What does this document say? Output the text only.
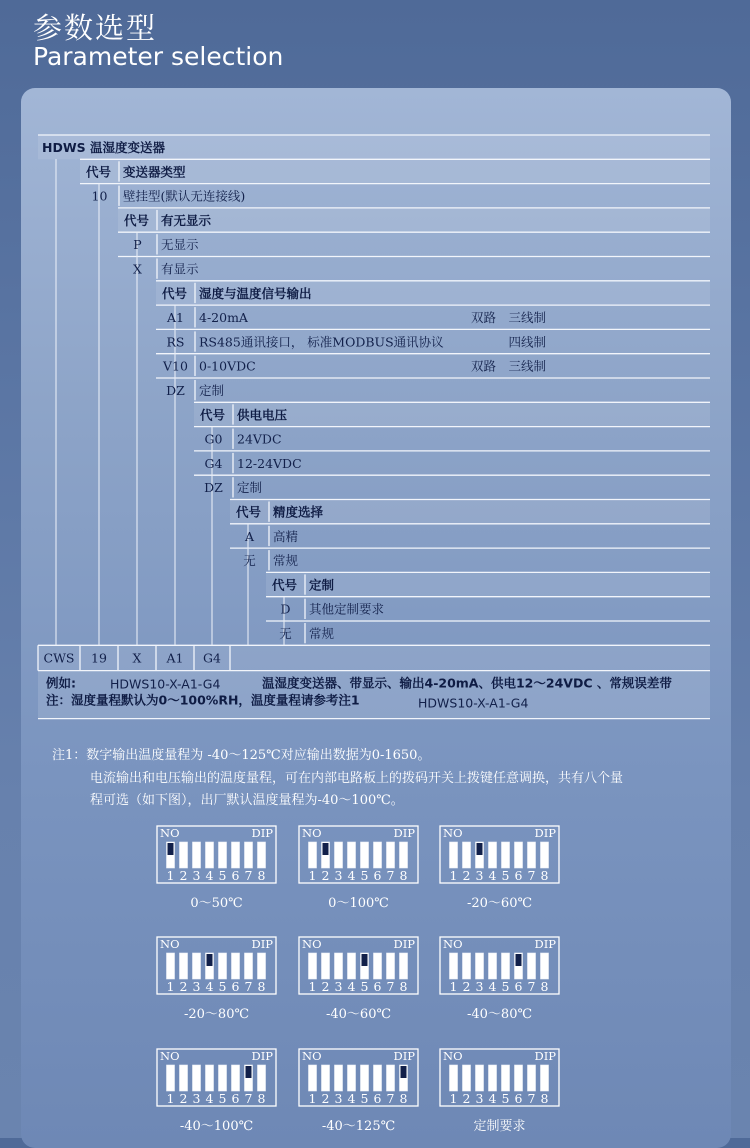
参数选型
Parameter selection
HDWS 温湿度变送器
代号 变送器类型
10 壁挂型(默认无连接线)
代号 有无显示
P 无显示
X 有显示
代号 湿度与温度信号输出
A1 4-20mA	双路　三线制
RS RS485通讯接口， 标准MODBUS通讯协议	四线制
V10 0-10VDC	双路　三线制
DZ 定制
代号 供电电压
G0 24VDC
G4 12-24VDC
DZ 定制
代号 精度选择
A 高精
无 常规
代号 定制
D 其他定制要求
无 常规
CWS 19 X A1 G4
例如:	HDWS10-X-A1-G4	温湿度变送器、带显示、输出4-20mA、供电12～24VDC 、常规误差带
注：湿度量程默认为0～100%RH，温度量程请参考注1	HDWS10-X-A1-G4
注1：数字输出温度量程为 -40～125℃对应输出数据为0-1650。
电流输出和电压输出的温度量程，可在内部电路板上的拨码开关上拨键任意调换，共有八个量
程可选（如下图），出厂默认温度量程为-40～100℃。
NO	DIP
1 2 3 4 5 6 7 8
0～50℃
NO	DIP
1 2 3 4 5 6 7 8
0～100℃
NO	DIP
1 2 3 4 5 6 7 8
-20～60℃
NO	DIP
1 2 3 4 5 6 7 8
-20～80℃
NO	DIP
1 2 3 4 5 6 7 8
-40～60℃
NO	DIP
1 2 3 4 5 6 7 8
-40～80℃
NO	DIP
1 2 3 4 5 6 7 8
-40～100℃
NO	DIP
1 2 3 4 5 6 7 8
-40～125℃
NO	DIP
1 2 3 4 5 6 7 8
定制要求
